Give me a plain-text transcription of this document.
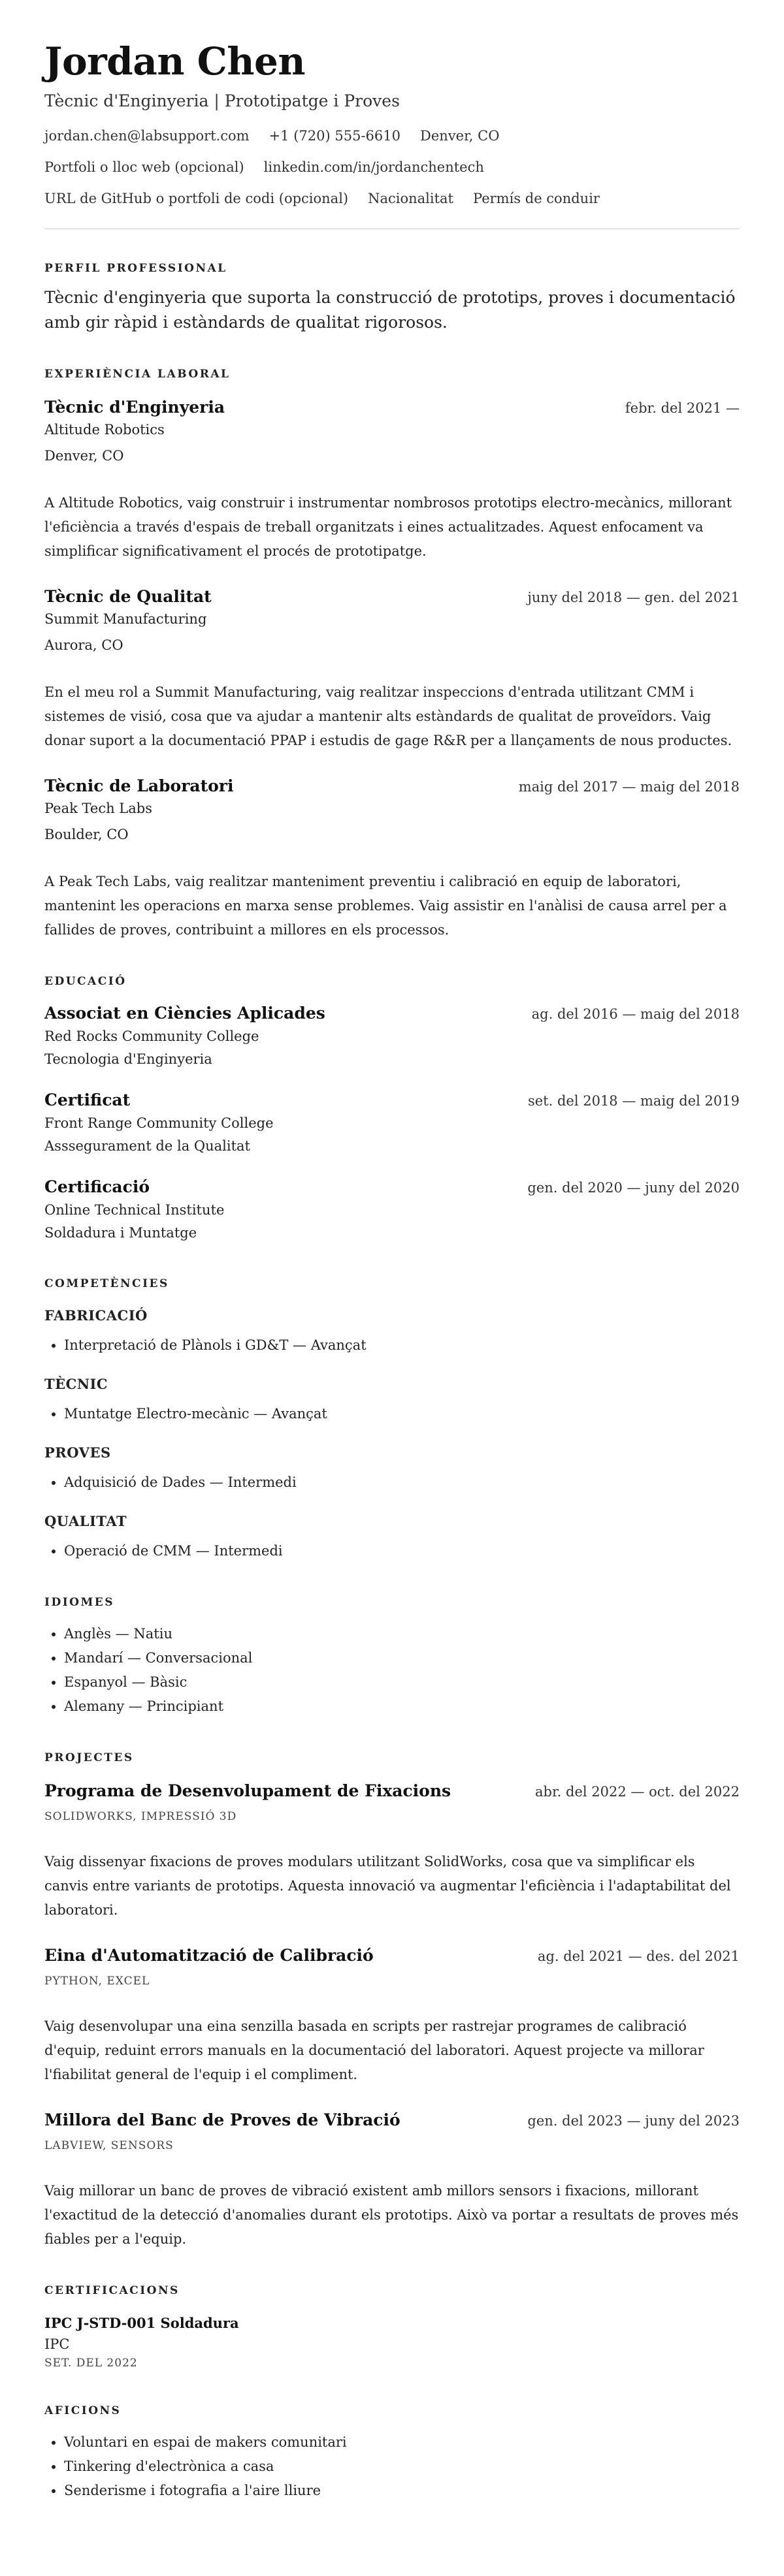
Jordan Chen
Tècnic d'Enginyeria | Prototipatge i Proves
jordan.chen@labsupport.com +1 (720) 555-6610 Denver, CO
Portfoli o lloc web (opcional) linkedin.com/in/jordanchentech
URL de GitHub o portfoli de codi (opcional) Nacionalitat Permís de conduir
PERFIL PROFESSIONAL
Tècnic d'enginyeria que suporta la construcció de prototips, proves i documentació amb gir ràpid i estàndards de qualitat rigorosos.
EXPERIÈNCIA LABORAL
Tècnic d'Enginyeria	febr. del 2021 —
Altitude Robotics
Denver, CO
A Altitude Robotics, vaig construir i instrumentar nombrosos prototips electro-mecànics, millorant l'eficiència a través d'espais de treball organitzats i eines actualitzades. Aquest enfocament va simplificar significativament el procés de prototipatge.
Tècnic de Qualitat	juny del 2018 — gen. del 2021
Summit Manufacturing
Aurora, CO
En el meu rol a Summit Manufacturing, vaig realitzar inspeccions d'entrada utilitzant CMM i sistemes de visió, cosa que va ajudar a mantenir alts estàndards de qualitat de proveïdors. Vaig donar suport a la documentació PPAP i estudis de gage R&R per a llançaments de nous productes.
Tècnic de Laboratori	maig del 2017 — maig del 2018
Peak Tech Labs
Boulder, CO
A Peak Tech Labs, vaig realitzar manteniment preventiu i calibració en equip de laboratori, mantenint les operacions en marxa sense problemes. Vaig assistir en l'anàlisi de causa arrel per a fallides de proves, contribuint a millores en els processos.
EDUCACIÓ
Associat en Ciències Aplicades	ag. del 2016 — maig del 2018
Red Rocks Community College
Tecnologia d'Enginyeria
Certificat	set. del 2018 — maig del 2019
Front Range Community College
Asssegurament de la Qualitat
Certificació	gen. del 2020 — juny del 2020
Online Technical Institute
Soldadura i Muntatge
COMPETÈNCIES
FABRICACIÓ
• Interpretació de Plànols i GD&T — Avançat
TÈCNIC
• Muntatge Electro-mecànic — Avançat
PROVES
• Adquisició de Dades — Intermedi
QUALITAT
• Operació de CMM — Intermedi
IDIOMES
• Anglès — Natiu
• Mandarí — Conversacional
• Espanyol — Bàsic
• Alemany — Principiant
PROJECTES
Programa de Desenvolupament de Fixacions	abr. del 2022 — oct. del 2022
SOLIDWORKS, IMPRESSIÓ 3D
Vaig dissenyar fixacions de proves modulars utilitzant SolidWorks, cosa que va simplificar els canvis entre variants de prototips. Aquesta innovació va augmentar l'eficiència i l'adaptabilitat del laboratori.
Eina d'Automatització de Calibració	ag. del 2021 — des. del 2021
PYTHON, EXCEL
Vaig desenvolupar una eina senzilla basada en scripts per rastrejar programes de calibració d'equip, reduint errors manuals en la documentació del laboratori. Aquest projecte va millorar l'fiabilitat general de l'equip i el compliment.
Millora del Banc de Proves de Vibració	gen. del 2023 — juny del 2023
LABVIEW, SENSORS
Vaig millorar un banc de proves de vibració existent amb millors sensors i fixacions, millorant l'exactitud de la detecció d'anomalies durant els prototips. Això va portar a resultats de proves més fiables per a l'equip.
CERTIFICACIONS
IPC J-STD-001 Soldadura
IPC
SET. DEL 2022
AFICIONS
• Voluntari en espai de makers comunitari
• Tinkering d'electrònica a casa
• Senderisme i fotografia a l'aire lliure
